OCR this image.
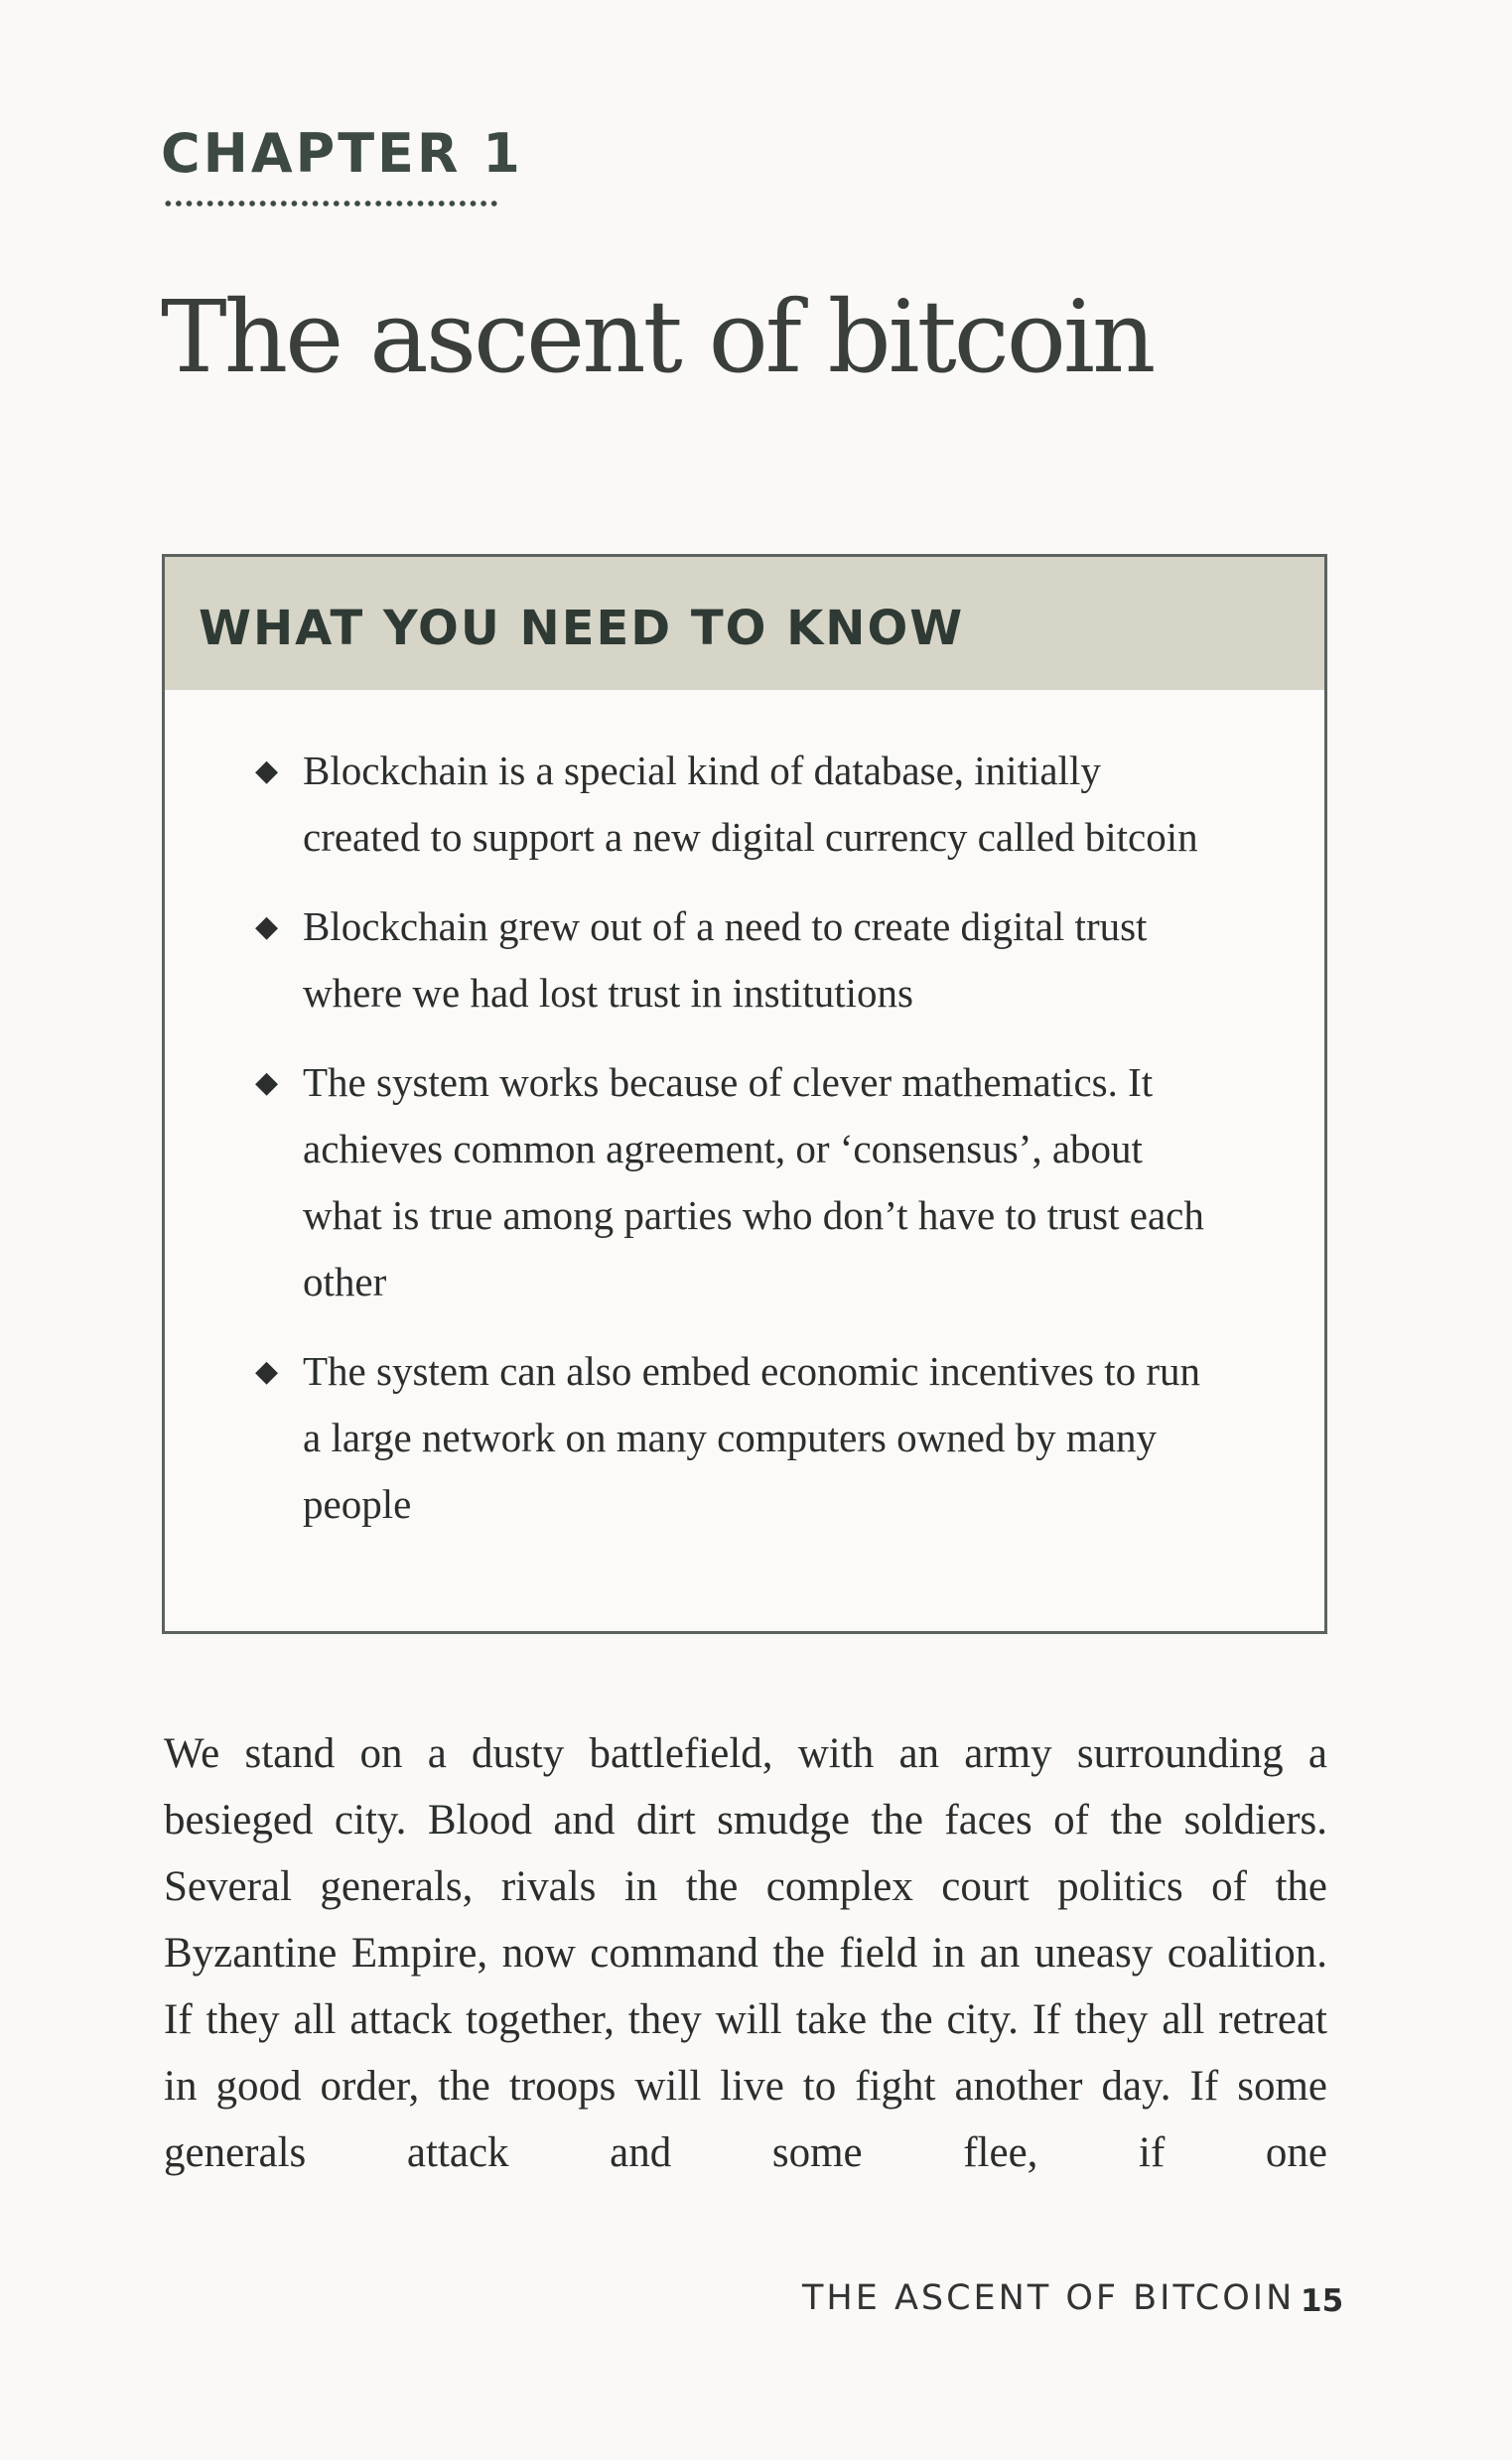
CHAPTER 1
The ascent of bitcoin
WHAT YOU NEED TO KNOW
◆ Blockchain is a special kind of database, initially created to support a new digital currency called bitcoin
◆ Blockchain grew out of a need to create digital trust where we had lost trust in institutions
◆ The system works because of clever mathematics. It achieves common agreement, or ‘consensus’, about what is true among parties who don’t have to trust each other
◆ The system can also embed economic incentives to run a large network on many computers owned by many people

We stand on a dusty battlefield, with an army surrounding a besieged city. Blood and dirt smudge the faces of the soldiers. Several generals, rivals in the complex court politics of the Byzantine Empire, now command the field in an uneasy coalition. If they all attack together, they will take the city. If they all retreat in good order, the troops will live to fight another day. If some generals attack and some flee, if one

THE ASCENT OF BITCOIN 15
